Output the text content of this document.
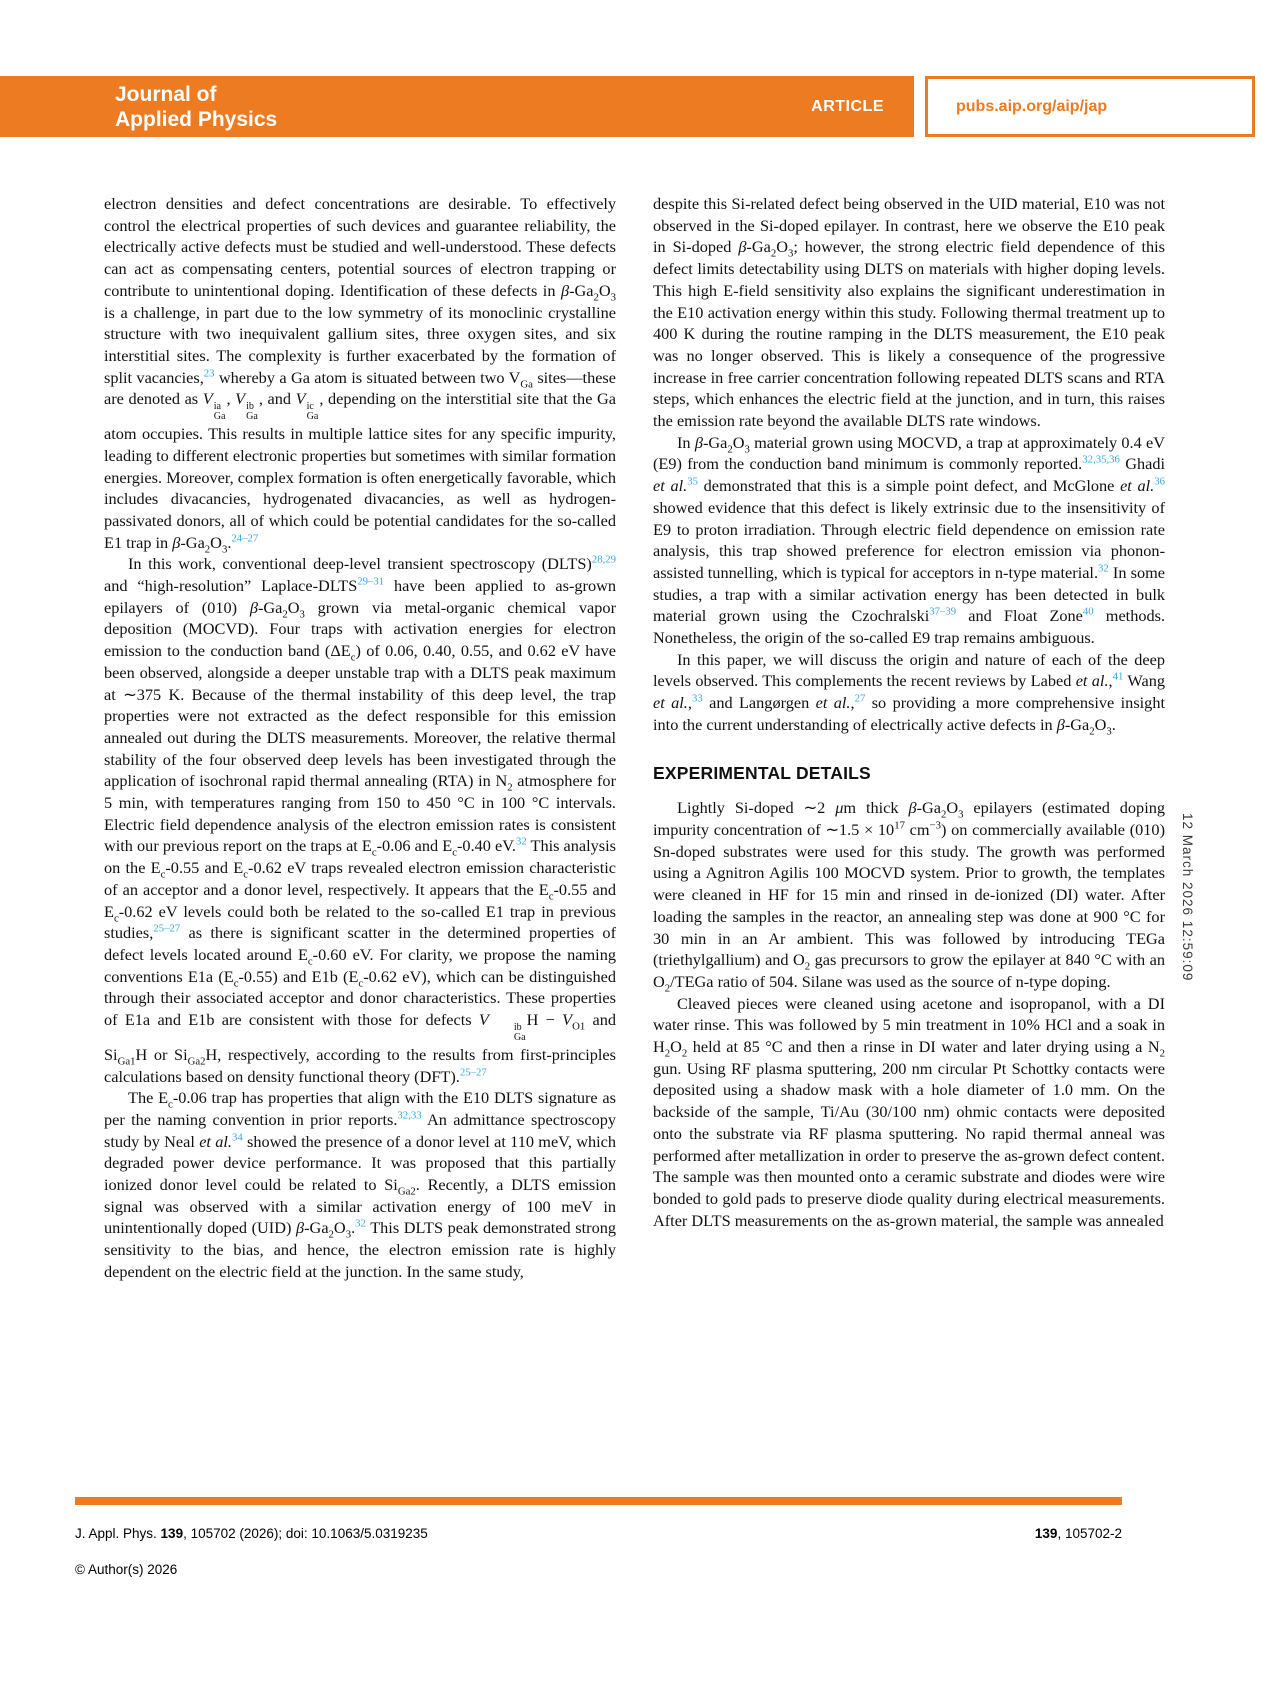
Journal of
Applied Physics
ARTICLE	pubs.aip.org/aip/jap

electron densities and defect concentrations are desirable. To effectively control the electrical properties of such devices and guarantee reliability, the electrically active defects must be studied and well-understood. These defects can act as compensating centers, potential sources of electron trapping or contribute to unintentional doping. Identification of these defects in $\beta-Ga_2O_3$ is a challenge, in part due to the low symmetry of its monoclinic crystalline structure with two inequivalent gallium sites, three oxygen sites, and six interstitial sites. The complexity is further exacerbated by the formation of split vacancies,$^{23}$ whereby a Ga atom is situated between two $V_{Ga}$ sites—these are denoted as V ia
Ga
, V ib
Ga
, and V ic
Ga
, depending on the interstitial site that the Ga atom occupies. This results in multiple lattice sites for any specific impurity, leading to different electronic properties but sometimes with similar formation energies. Moreover, complex formation is often energetically favorable, which includes divacancies, hydrogenated divacancies, as well as hydrogen-passivated donors, all of which could be potential candidates for the so-called E1 trap in $\beta-Ga_2O_3.^{24-27}$

In this work, conventional deep-level transient spectroscopy (DLTS)$^{28,29}$ and “high-resolution” Laplace-DLTS$^{29-31}$ have been applied to as-grown epilayers of (010) $\beta-Ga_2O_3$ grown via metal-organic chemical vapor deposition (MOCVD). Four traps with activation energies for electron emission to the conduction band $(\Delta E_c)$ of 0.06, 0.40, 0.55, and 0.62 eV have been observed, alongside a deeper unstable trap with a DLTS peak maximum at ∼375 K. Because of the thermal instability of this deep level, the trap properties were not extracted as the defect responsible for this emission annealed out during the DLTS measurements. Moreover, the relative thermal stability of the four observed deep levels has been investigated through the application of isochronal rapid thermal annealing (RTA) in $N_2$ atmosphere for 5 min, with temperatures ranging from 150 to 450 °C in 100 °C intervals. Electric field dependence analysis of the electron emission rates is consistent with our previous report on the traps at $E_c-0.06$ and $E_c-0.40$ eV.$^{32}$ This analysis on the $E_c-0.55$ and $E_c-0.62$ eV traps revealed electron emission characteristic of an acceptor and a donor level, respectively. It appears that the $E_c-0.55$ and $E_c-0.62$ eV levels could both be related to the so-called E1 trap in previous studies,$^{25-27}$ as there is significant scatter in the determined properties of defect levels located around $E_c-0.60$ eV. For clarity, we propose the naming conventions E1a $(E_c-0.55)$ and E1b ($E_c-0.62$ eV), which can be distinguished through their associated acceptor and donor characteristics. These properties of E1a and E1b are consistent with those for defects V	ib
Ga
$H - V_{O1}$ and $Si_{Ga1}H$ or $Si_{Ga2}H$, respectively, according to the results from first-principles calculations based on density functional theory (DFT).$^{25-27}$

The $E_c-0.06$ trap has properties that align with the E10 DLTS signature as per the naming convention in prior reports.$^{32,33}$ An admittance spectroscopy study by Neal et al.$^{34}$ showed the presence of a donor level at 110 meV, which degraded power device performance. It was proposed that this partially ionized donor level could be related to $Si_{Ga2}$. Recently, a DLTS emission signal was observed with a similar activation energy of 100 meV in unintentionally doped (UID) $\beta-Ga_2O_3.^{32}$ This DLTS peak demonstrated strong sensitivity to the bias, and hence, the electron emission rate is highly dependent on the electric field at the junction. In the same study,

despite this Si-related defect being observed in the UID material, E10 was not observed in the Si-doped epilayer. In contrast, here we observe the E10 peak in Si-doped $\beta-Ga_2O_3$; however, the strong electric field dependence of this defect limits detectability using DLTS on materials with higher doping levels. This high E-field sensitivity also explains the significant underestimation in the E10 activation energy within this study. Following thermal treatment up to 400 K during the routine ramping in the DLTS measurement, the E10 peak was no longer observed. This is likely a consequence of the progressive increase in free carrier concentration following repeated DLTS scans and RTA steps, which enhances the electric field at the junction, and in turn, this raises the emission rate beyond the available DLTS rate windows.

In $\beta-Ga_2O_3$ material grown using MOCVD, a trap at approximately 0.4 eV (E9) from the conduction band minimum is commonly reported.$^{32,35,36}$ Ghadi et al.$^{35}$ demonstrated that this is a simple point defect, and McGlone et al.$^{36}$ showed evidence that this defect is likely extrinsic due to the insensitivity of E9 to proton irradiation. Through electric field dependence on emission rate analysis, this trap showed preference for electron emission via phonon-assisted tunnelling, which is typical for acceptors in n-type material.$^{32}$ In some studies, a trap with a similar activation energy has been detected in bulk material grown using the Czochralski$^{37-39}$ and Float Zone$^{40}$ methods. Nonetheless, the origin of the so-called E9 trap remains ambiguous.

In this paper, we will discuss the origin and nature of each of the deep levels observed. This complements the recent reviews by Labed et al.,$^{41}$ Wang et al.,$^{33}$ and Langørgen et al.,$^{27}$ so providing a more comprehensive insight into the current understanding of electrically active defects in $\beta-Ga_2O_3$.

EXPERIMENTAL DETAILS

Lightly Si-doped ∼2 μm thick $\beta-Ga_2O_3$ epilayers (estimated doping impurity concentration of ∼1.5 × $10^{17}$ $cm^{-3}$) on commercially available (010) Sn-doped substrates were used for this study. The growth was performed using a Agnitron Agilis 100 MOCVD system. Prior to growth, the templates were cleaned in HF for 15 min and rinsed in de-ionized (DI) water. After loading the samples in the reactor, an annealing step was done at 900 °C for 30 min in an Ar ambient. This was followed by introducing TEGa (triethylgallium) and $O_2$ gas precursors to grow the epilayer at 840 °C with an $O_2$/TEGa ratio of 504. Silane was used as the source of n-type doping.

Cleaved pieces were cleaned using acetone and isopropanol, with a DI water rinse. This was followed by 5 min treatment in 10% HCl and a soak in $H_2O_2$ held at 85 °C and then a rinse in DI water and later drying using a $N_2$ gun. Using RF plasma sputtering, 200 nm circular Pt Schottky contacts were deposited using a shadow mask with a hole diameter of 1.0 mm. On the backside of the sample, Ti/Au (30/100 nm) ohmic contacts were deposited onto the substrate via RF plasma sputtering. No rapid thermal anneal was performed after metallization in order to preserve the as-grown defect content. The sample was then mounted onto a ceramic substrate and diodes were wire bonded to gold pads to preserve diode quality during electrical measurements. After DLTS measurements on the as-grown material, the sample was annealed

12 March 2026 12:59:09
J. Appl. Phys. 139, 105702 (2026); doi: 10.1063/5.0319235	139, 105702-2
© Author(s) 2026
